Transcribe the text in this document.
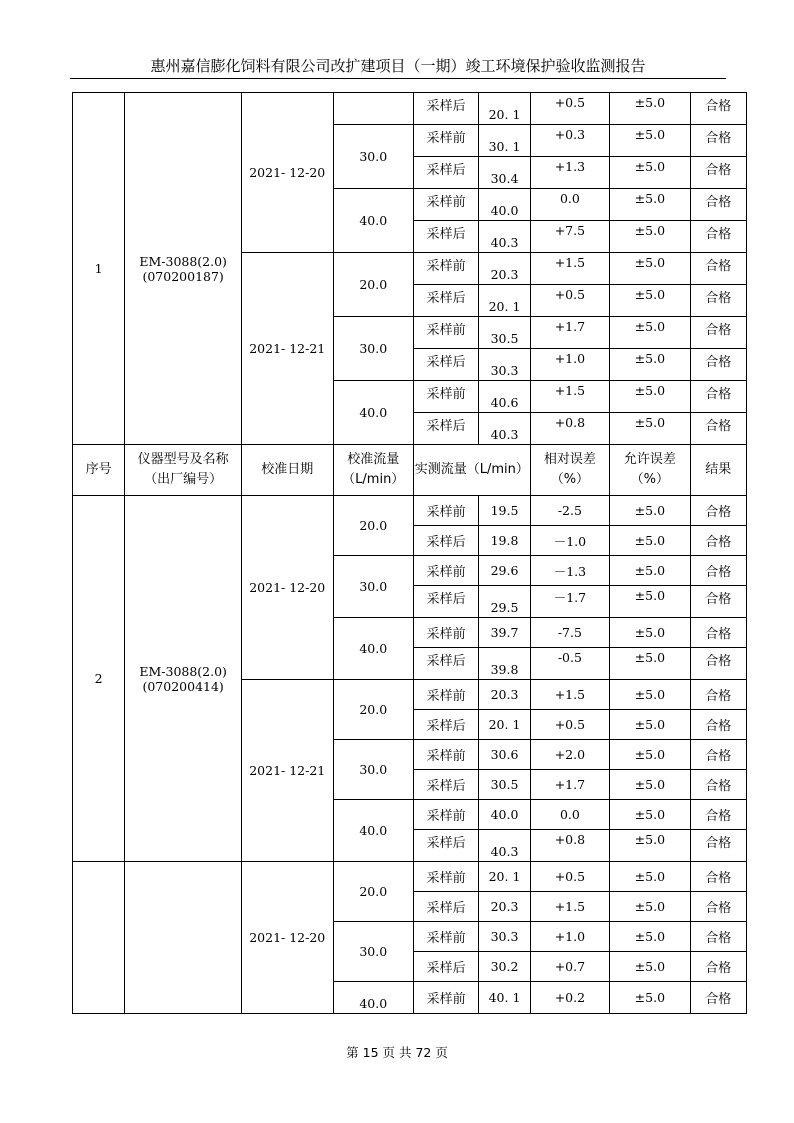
惠州嘉信膨化饲料有限公司改扩建项目（一期）竣工环境保护验收监测报告
1	EM-3088(2.0)
(070200187)	2021- 12-20		采样后	20. 1	+0.5	±5.0	合格
			30.0	采样前	30. 1	+0.3	±5.0	合格
				采样后	30.4	+1.3	±5.0	合格
			40.0	采样前	40.0	0.0	±5.0	合格
				采样后	40.3	+7.5	±5.0	合格
		2021- 12-21	20.0	采样前	20.3	+1.5	±5.0	合格
				采样后	20. 1	+0.5	±5.0	合格
			30.0	采样前	30.5	+1.7	±5.0	合格
				采样后	30.3	+1.0	±5.0	合格
			40.0	采样前	40.6	+1.5	±5.0	合格
				采样后	40.3	+0.8	±5.0	合格
序号	仪器型号及名称（出厂编号）	校准日期	校准流量（L/min）	实测流量（L/min）		相对误差（%）	允许误差（%）	结果
2	EM-3088(2.0)
(070200414)	2021- 12-20	20.0	采样前	19.5	-2.5	±5.0	合格
				采样后	19.8	－1.0	±5.0	合格
			30.0	采样前	29.6	－1.3	±5.0	合格
				采样后	29.5	－1.7	±5.0	合格
			40.0	采样前	39.7	-7.5	±5.0	合格
				采样后	39.8	-0.5	±5.0	合格
		2021- 12-21	20.0	采样前	20.3	+1.5	±5.0	合格
				采样后	20. 1	+0.5	±5.0	合格
			30.0	采样前	30.6	+2.0	±5.0	合格
				采样后	30.5	+1.7	±5.0	合格
			40.0	采样前	40.0	0.0	±5.0	合格
				采样后	40.3	+0.8	±5.0	合格

	2021- 12-20	20.0	采样前	20. 1	+0.5	±5.0	合格
				采样后	20.3	+1.5	±5.0	合格
			30.0	采样前	30.3	+1.0	±5.0	合格
				采样后	30.2	+0.7	±5.0	合格
			40.0	采样前	40. 1	+0.2	±5.0	合格
第 15 页 共 72 页
